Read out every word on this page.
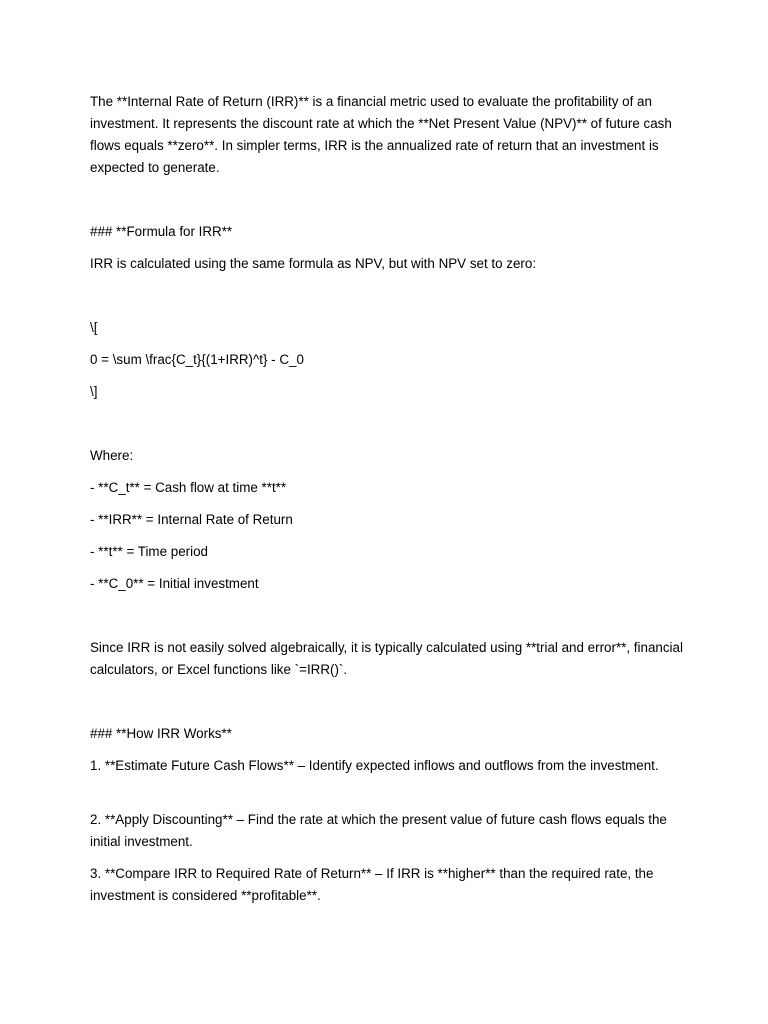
The **Internal Rate of Return (IRR)** is a financial metric used to evaluate the profitability of an investment. It represents the discount rate at which the **Net Present Value (NPV)** of future cash flows equals **zero**. In simpler terms, IRR is the annualized rate of return that an investment is expected to generate.

### **Formula for IRR**

IRR is calculated using the same formula as NPV, but with NPV set to zero:

\[

0 = \sum \frac{C_t}{(1+IRR)^t} - C_0

\]

Where:

- **C_t** = Cash flow at time **t**

- **IRR** = Internal Rate of Return

- **t** = Time period

- **C_0** = Initial investment

Since IRR is not easily solved algebraically, it is typically calculated using **trial and error**, financial calculators, or Excel functions like `=IRR()`.

### **How IRR Works**

1. **Estimate Future Cash Flows** – Identify expected inflows and outflows from the investment.

2. **Apply Discounting** – Find the rate at which the present value of future cash flows equals the initial investment.

3. **Compare IRR to Required Rate of Return** – If IRR is **higher** than the required rate, the investment is considered **profitable**.
